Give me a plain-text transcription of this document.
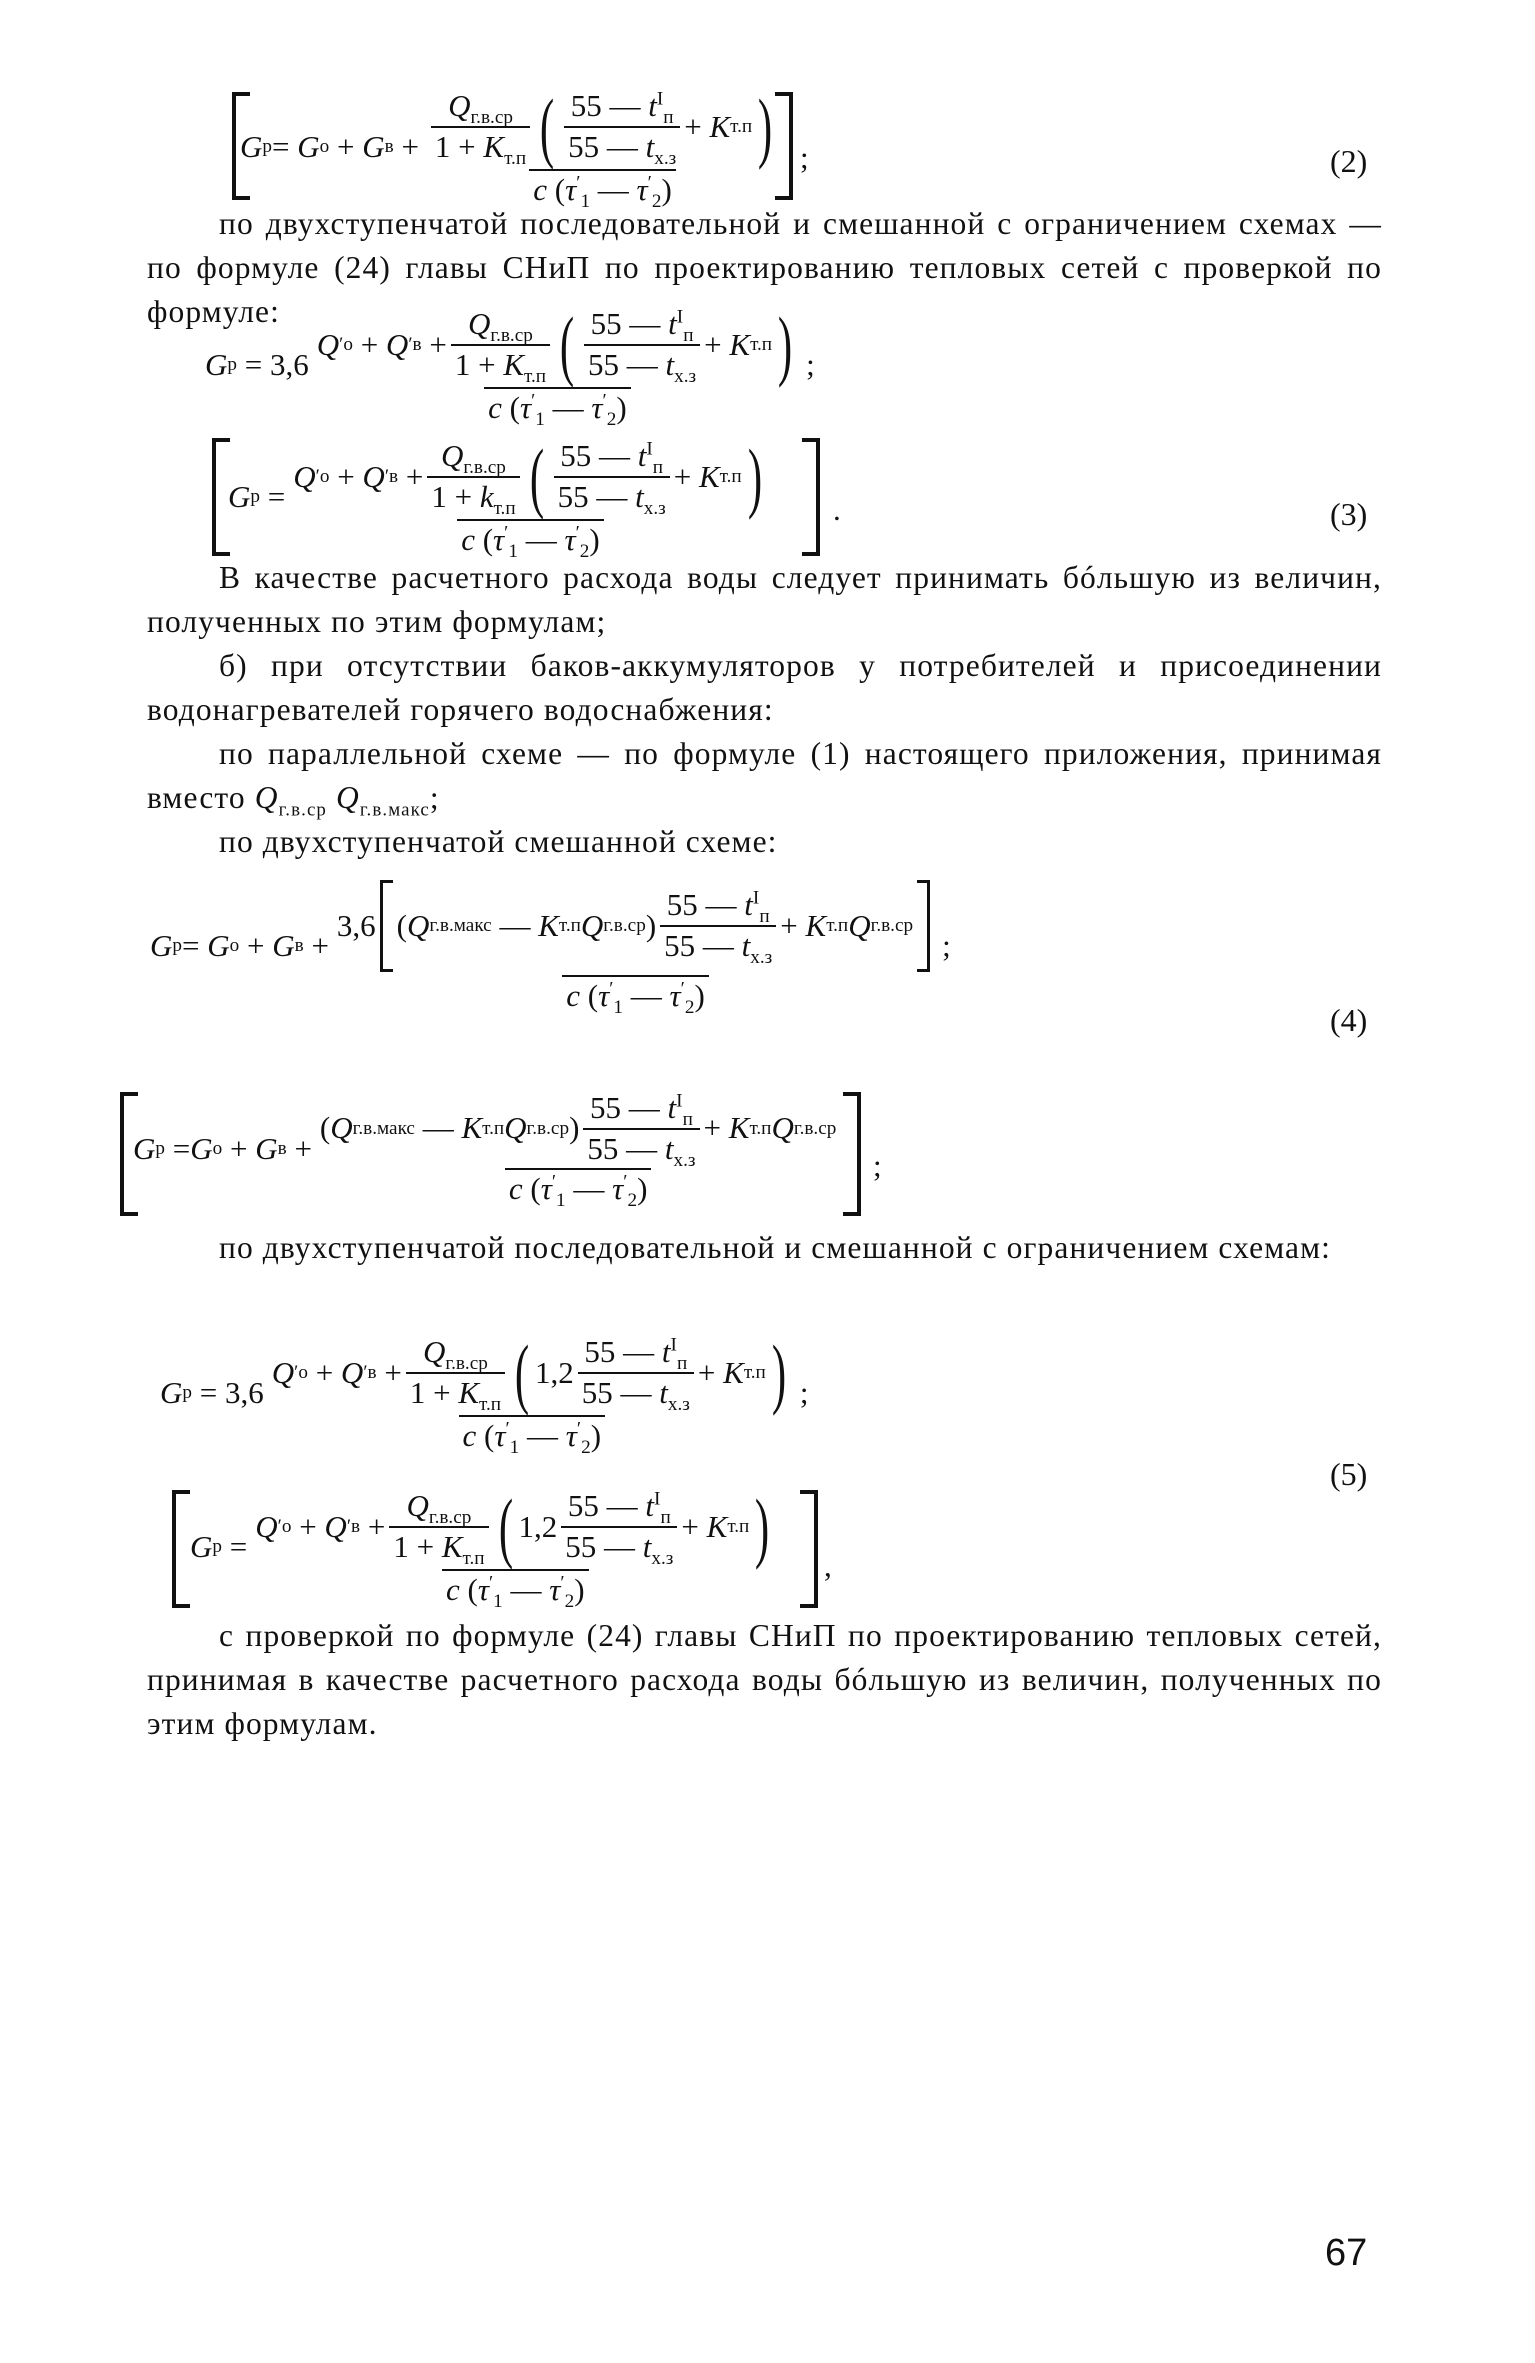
G р =
G о
+
G в
+ $\frac{Q_{г.в.ср}}{1 + K_{т.п}}$ ( $\frac{55 — t^I_п}{55 — t_{х.з}}$ +
K т.п )
c ($\tau'_1$ — $\tau'_2$)
;	(2)
по двухступенчатой последовательной и смешанной с ограничением схемах — по формуле (24) главы СНиП по проектированию тепловых сетей с проверкой по формуле:
G р
=
3,6
Q ′ о
+
Q ′ в
+ $\frac{Q_{г.в.ср}}{1 + K_{т.п}}$ ( $\frac{55 — t^I_п}{55 — t_{х.з}}$ +
K т.п )
c ($\tau'_1$ — $\tau'_2$)
;
G р
=
Q ′ о
+
Q ′ в
+ $\frac{Q_{г.в.ср}}{1 + k_{т.п}}$ ( $\frac{55 — t^I_п}{55 — t_{х.з}}$ +
K т.п )
c ($\tau'_1$ — $\tau'_2$)
.	(3)
В качестве расчетного расхода воды следует принимать бóльшую из величин, полученных по этим формулам;
б) при отсутствии баков-аккумуляторов у потребителей и присоединении водонагревателей горячего водоснабжения:
по параллельной схеме — по формуле (1) настоящего приложения, принимая вместо $Q_{г.в.ср}$ $Q_{г.в.макс}$;
по двухступенчатой смешанной схеме:
G р =
G о
+
G в
+
3,6 ( Q г.в.макс
—
K т.п Q г.в.ср ) $\frac{55 — t^I_п}{55 — t_{х.з}}$ +
K т.п Q г.в.ср
c ($\tau'_1$ — $\tau'_2$)
;
(4)
G р
= G о
+
G в
+
( Q г.в.макс
—
K т.п Q г.в.ср ) $\frac{55 — t^I_п}{55 — t_{х.з}}$ +
K т.п Q г.в.ср
c ($\tau'_1$ — $\tau'_2$)
;
по двухступенчатой последовательной и смешанной с ограничением схемам:
G р
=
3,6
Q ′ о
+
Q ′ в
+ $\frac{Q_{г.в.ср}}{1 + K_{т.п}}$ ( $1,2 \frac{55 — t^I_п}{55 — t_{х.з}}$ +
K т.п )
c ($\tau'_1$ — $\tau'_2$)
;
(5)
G р
=
Q ′ о
+
Q ′ в
+ $\frac{Q_{г.в.ср}}{1 + K_{т.п}}$ ( $1,2 \frac{55 — t^I_п}{55 — t_{х.з}}$ +
K т.п )
c ($\tau'_1$ — $\tau'_2$)
,
с проверкой по формуле (24) главы СНиП по проектированию тепловых сетей, принимая в качестве расчетного расхода воды бóльшую из величин, полученных по этим формулам.
67
